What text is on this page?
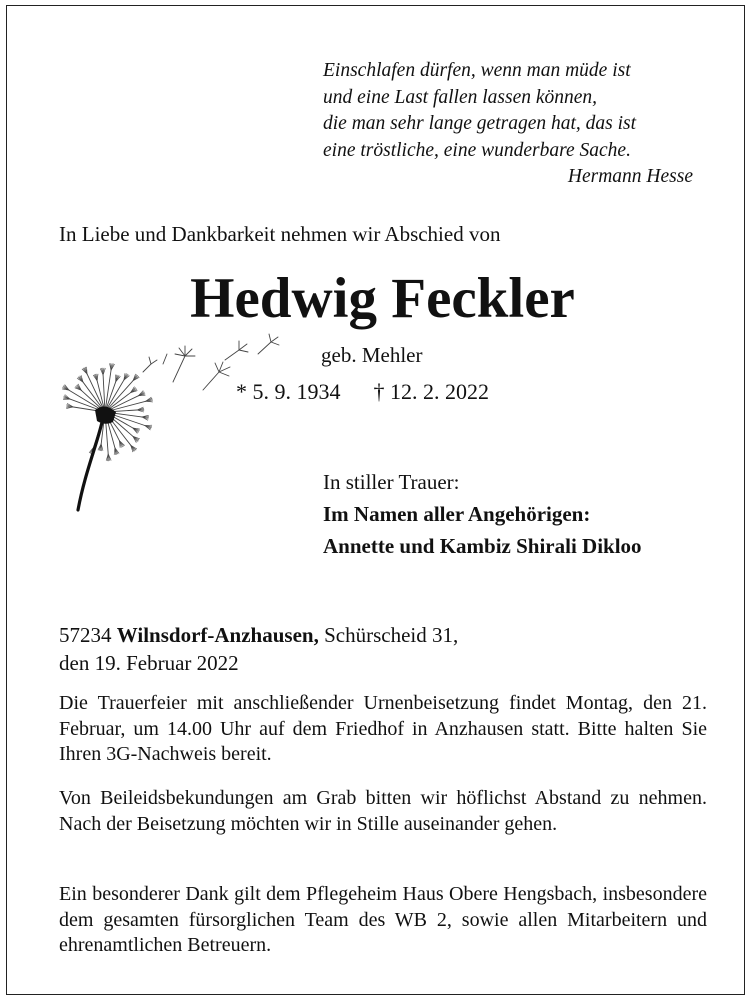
Einschlafen dürfen, wenn man müde ist
und eine Last fallen lassen können,
die man sehr lange getragen hat, das ist
eine tröstliche, eine wunderbare Sache.
Hermann Hesse
In Liebe und Dankbarkeit nehmen wir Abschied von
Hedwig Feckler
geb. Mehler
* 5. 9. 1934 † 12. 2. 2022
In stiller Trauer:
Im Namen aller Angehörigen:
Annette und Kambiz Shirali Dikloo
57234 Wilnsdorf-Anzhausen, Schürscheid 31,
den 19. Februar 2022
Die Trauerfeier mit anschließender Urnenbeisetzung findet Montag, den 21. Februar, um 14.00 Uhr auf dem Friedhof in Anzhausen statt. Bitte halten Sie Ihren 3G-Nachweis bereit.
Von Beileidsbekundungen am Grab bitten wir höflichst Abstand zu nehmen. Nach der Beisetzung möchten wir in Stille auseinander gehen.
Ein besonderer Dank gilt dem Pflegeheim Haus Obere Hengsbach, insbesondere dem gesamten fürsorglichen Team des WB 2, sowie allen Mitarbeitern und ehrenamtlichen Betreuern.
